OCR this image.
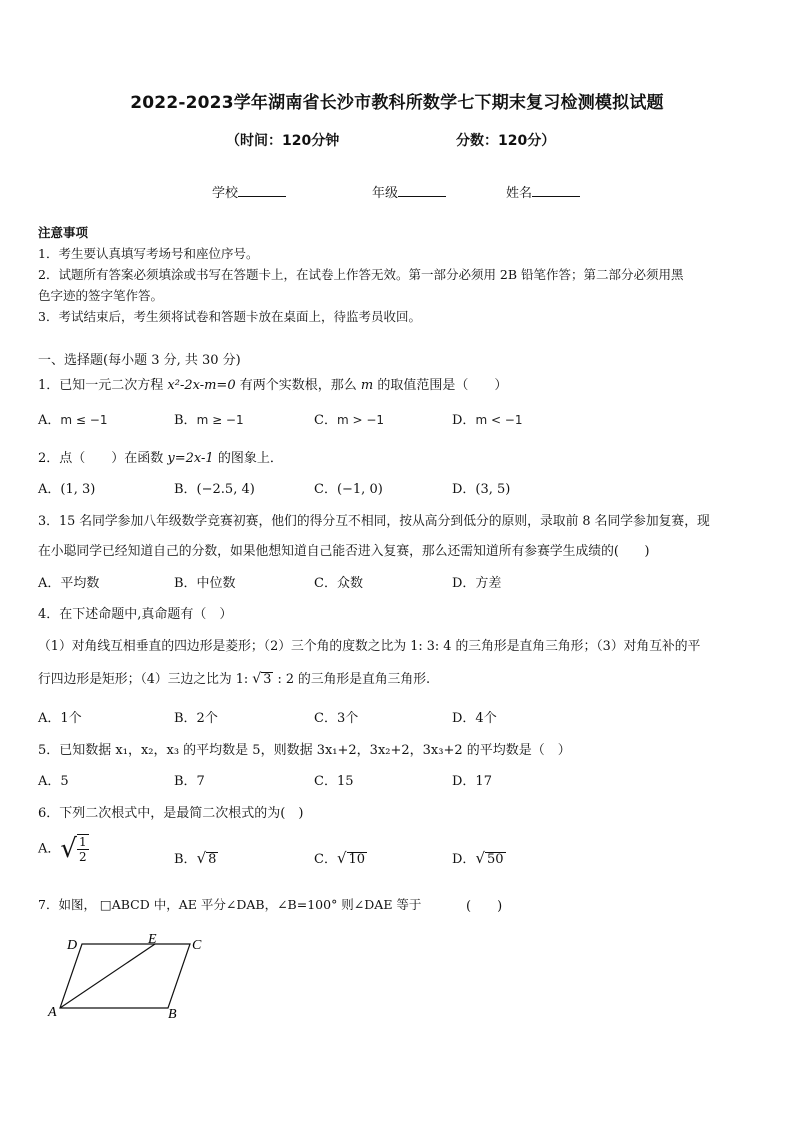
2022-2023学年湖南省长沙市教科所数学七下期末复习检测模拟试题
（时间：120分钟	分数：120分）
学校	年级	姓名
注意事项
1．考生要认真填写考场号和座位序号。
2．试题所有答案必须填涂或书写在答题卡上，在试卷上作答无效。第一部分必须用 2B 铅笔作答；第二部分必须用黑
色字迹的签字笔作答。
3．考试结束后，考生须将试卷和答题卡放在桌面上，待监考员收回。
一、选择题(每小题 3 分, 共 30 分)
1．已知一元二次方程 x²-2x-m=0 有两个实数根，那么 m 的取值范围是（　　）
A．m ≤ −1	B．m ≥ −1	C．m > −1	D．m < −1
2．点（　　）在函数 y=2x-1 的图象上．
A．(1, 3)	B．(−2.5, 4)	C．(−1, 0)	D．(3, 5)
3．15 名同学参加八年级数学竞赛初赛，他们的得分互不相同，按从高分到低分的原则，录取前 8 名同学参加复赛，现
在小聪同学已经知道自己的分数，如果他想知道自己能否进入复赛，那么还需知道所有参赛学生成绩的(　　)
A．平均数	B．中位数	C．众数	D．方差
4．在下述命题中,真命题有（　）
（1）对角线互相垂直的四边形是菱形；（2）三个角的度数之比为 1: 3: 4 的三角形是直角三角形；（3）对角互补的平
行四边形是矩形；（4）三边之比为 1: √ 3 : 2 的三角形是直角三角形.
A．1个	B．2个	C．3个	D．4个
5．已知数据 x₁，x₂，x₃ 的平均数是 5，则数据 3x₁+2，3x₂+2，3x₃+2 的平均数是（　）
A．5	B．7	C．15	D．17
6．下列二次根式中，是最简二次根式的为(　)
A．√ $\frac{1}{2}$	B．√ 8	C．√ 10	D．√ 50
7．如图， □ABCD 中，AE 平分∠DAB，∠B=100° 则∠DAE 等于	(　　)
D	E	C
A	B
